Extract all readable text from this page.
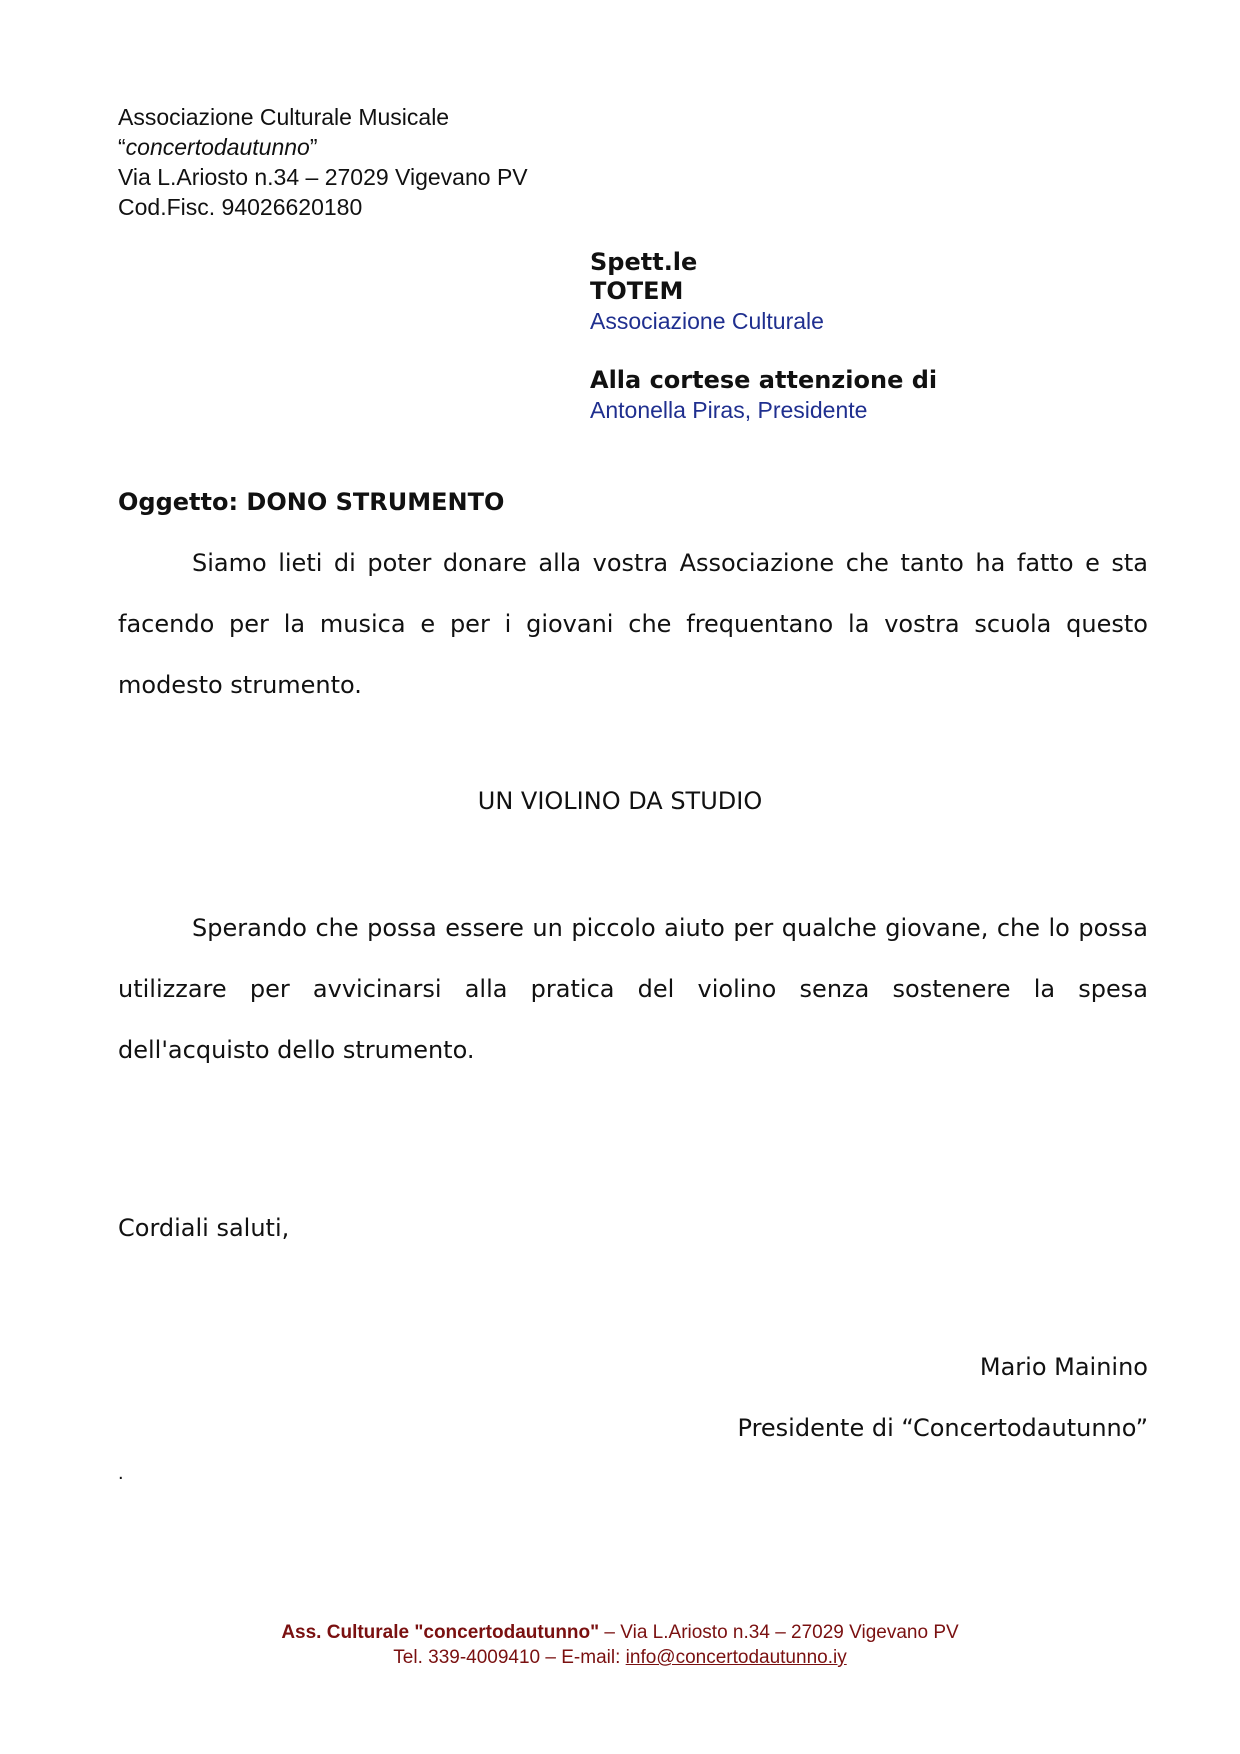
Associazione Culturale Musicale
“concertodautunno”
Via L.Ariosto n.34 – 27029 Vigevano PV
Cod.Fisc. 94026620180
Spett.le
TOTEM
Associazione Culturale
Alla cortese attenzione di
Antonella Piras, Presidente
Oggetto: DONO STRUMENTO
Siamo lieti di poter donare alla vostra Associazione che tanto ha fatto e sta facendo per la musica e per i giovani che frequentano la vostra scuola questo modesto strumento.
UN VIOLINO DA STUDIO
Sperando che possa essere un piccolo aiuto per qualche giovane, che lo possa utilizzare per avvicinarsi alla pratica del violino senza sostenere la spesa dell'acquisto dello strumento.
Cordiali saluti,
Mario Mainino
Presidente di “Concertodautunno”
.
Ass. Culturale "concertodautunno" – Via L.Ariosto n.34 – 27029 Vigevano PV
Tel. 339-4009410 – E-mail: info@concertodautunno.iy
